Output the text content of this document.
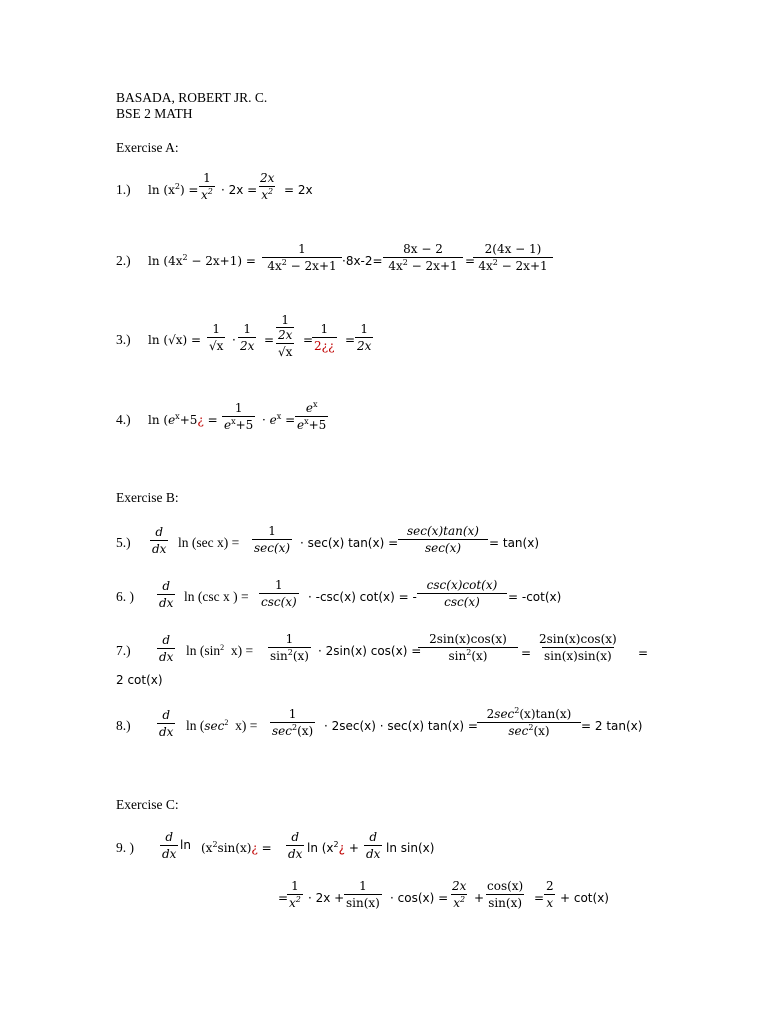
BASADA, ROBERT JR. C.
BSE 2 MATH
Exercise A:
1.) $\ln (x^2) = \frac{1}{x^2} \cdot 2x = \frac{2x}{x^2} = 2x$
2.) $\ln (4x^2 - 2x+1) = \frac{1}{4x^2 - 2x+1} \cdot 8x-2= \frac{8x - 2}{4x^2 - 2x+1}$ =
$\frac{2(4x - 1)}{4x^2 - 2x+1}$
3.) $\ln (√x) = \frac{1}{√x} \cdot \frac{1}{2x} = 1$
2x
√x =
$\frac{1}{2¿¿} = \frac{1}{2x}$
4.) $\ln (e^x+5¿ = \frac{1}{e^x+5} \cdot e^x = \frac{e^x}{e^x+5}$
Exercise B:
$5.) \frac{d}{dx}$ ln (sec x) =
1
sec(x) · sec(x) tan(x) =
sec(x)tan(x)
sec(x)	= tan(x)
6. ) $\frac{d}{dx}$ ln (csc x ) =
1
csc(x) · -csc(x) cot(x) = -
csc(x)cot(x)
csc(x)	= -cot(x)
$7.) \frac{d}{dx}$ $\ln (\sin^2$ $x) = \frac{1}{\sin^2(x)} \cdot 2\sin(x) \cos(x)$ =
$\frac{2\sin(x)\cos(x)}{\sin^2(x)} = \frac{2\sin(x)\cos(x)}{\sin(x)\sin(x)}$ =
2 cot(x)
$8.) \frac{d}{dx}$ $\ln (\sec^2$ x) =
1
$\sec^2(x) \cdot 2\sec(x) \cdot \sec(x) \tan(x)$ =
$2\sec^2(x)\tan(x)$
$\sec^2(x)$	= 2 tan(x)
Exercise C:
9. ) $\frac{d}{dx}$ $\ln (x^2\sin(x)¿ = \frac{d}{dx}$ $\ln (x^2¿ + \frac{d}{dx}$ ln sin(x)
=
$\frac{1}{x^2} \cdot 2x + \frac{1}{\sin(x)} \cdot \cos(x) = \frac{2x}{x^2} + \frac{\cos(x)}{\sin(x)} = \frac{2}{x} + \cot(x)$
